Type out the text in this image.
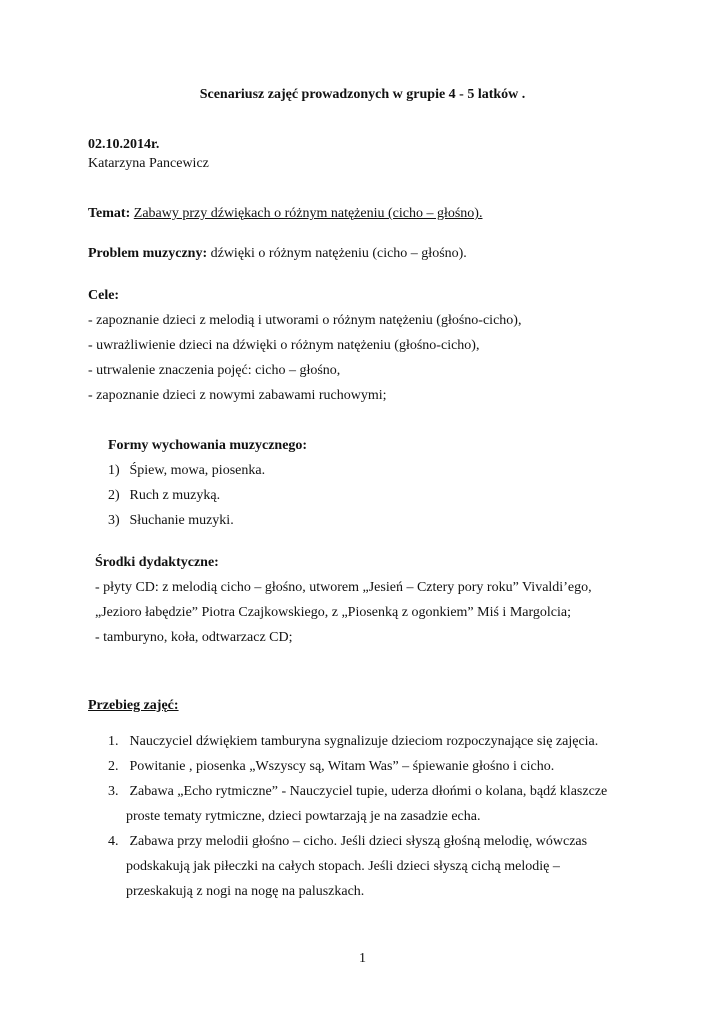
Scenariusz zajęć prowadzonych w grupie 4 - 5 latków .
02.10.2014r.
Katarzyna Pancewicz
Temat: Zabawy przy dźwiękach o różnym natężeniu (cicho – głośno).
Problem muzyczny: dźwięki o różnym natężeniu (cicho – głośno).
Cele:
- zapoznanie dzieci z melodią i utworami o różnym natężeniu (głośno-cicho),
- uwrażliwienie dzieci na dźwięki o różnym natężeniu (głośno-cicho),
- utrwalenie znaczenia pojęć: cicho – głośno,
- zapoznanie dzieci z nowymi zabawami ruchowymi;
Formy wychowania muzycznego:
1) Śpiew, mowa, piosenka.
2) Ruch z muzyką.
3) Słuchanie muzyki.
Środki dydaktyczne:
- płyty CD: z melodią cicho – głośno, utworem „Jesień – Cztery pory roku” Vivaldi’ego,
„Jezioro łabędzie” Piotra Czajkowskiego, z „Piosenką z ogonkiem” Miś i Margolcia;
- tamburyno, koła, odtwarzacz CD;
Przebieg zajęć:
1. Nauczyciel dźwiękiem tamburyna sygnalizuje dzieciom rozpoczynające się zajęcia.
2. Powitanie , piosenka „Wszyscy są, Witam Was” – śpiewanie głośno i cicho.
3. Zabawa „Echo rytmiczne” - Nauczyciel tupie, uderza dłońmi o kolana, bądź klaszcze
proste tematy rytmiczne, dzieci powtarzają je na zasadzie echa.
4. Zabawa przy melodii głośno – cicho. Jeśli dzieci słyszą głośną melodię, wówczas
podskakują jak piłeczki na całych stopach. Jeśli dzieci słyszą cichą melodię –
przeskakują z nogi na nogę na paluszkach.
1
